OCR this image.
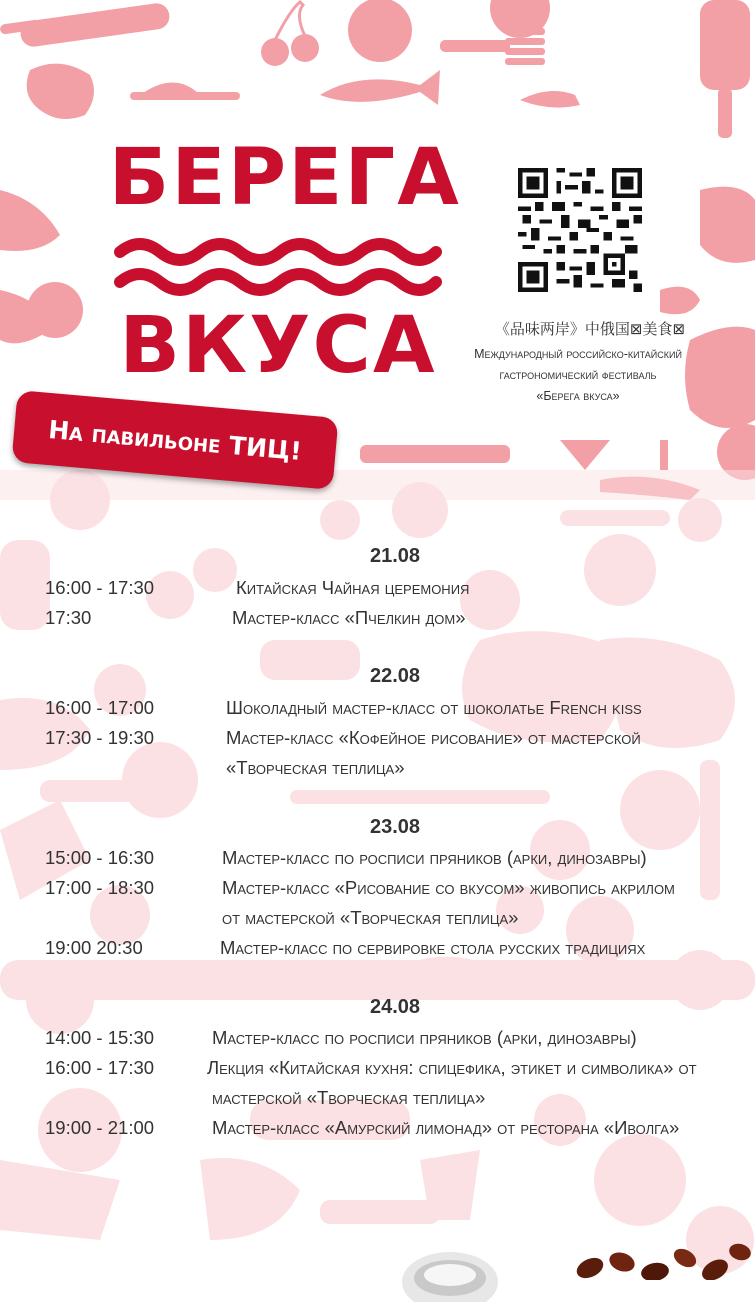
БЕРЕГА
ВКУСА	《品味两岸》中俄国⊠美食⊠
Международный российско-китайский
гастрономический фестиваль
«Берега вкуса»
На павильоне ТИЦ!
21.08
16:00 - 17:30	Китайская Чайная церемония
17:30	Мастер-класс «Пчелкин дом»
22.08
16:00 - 17:00	Шоколадный мастер-класс от шоколатье French kiss
17:30 - 19:30	Мастер-класс «Кофейное рисование» от мастерской
«Творческая теплица»
23.08
15:00 - 16:30	Мастер-класс по росписи пряников (арки, динозавры)
17:00 - 18:30	Мастер-класс «Рисование со вкусом» живопись акрилом
от мастерской «Творческая теплица»
19:00 20:30	Мастер-класс по сервировке стола русских традициях
24.08
14:00 - 15:30	Мастер-класс по росписи пряников (арки, динозавры)
16:00 - 17:30	Лекция «Китайская кухня: спицефика, этикет и символика» от
мастерской «Творческая теплица»
19:00 - 21:00	Мастер-класс «Амурский лимонад» от ресторана «Иволга»
